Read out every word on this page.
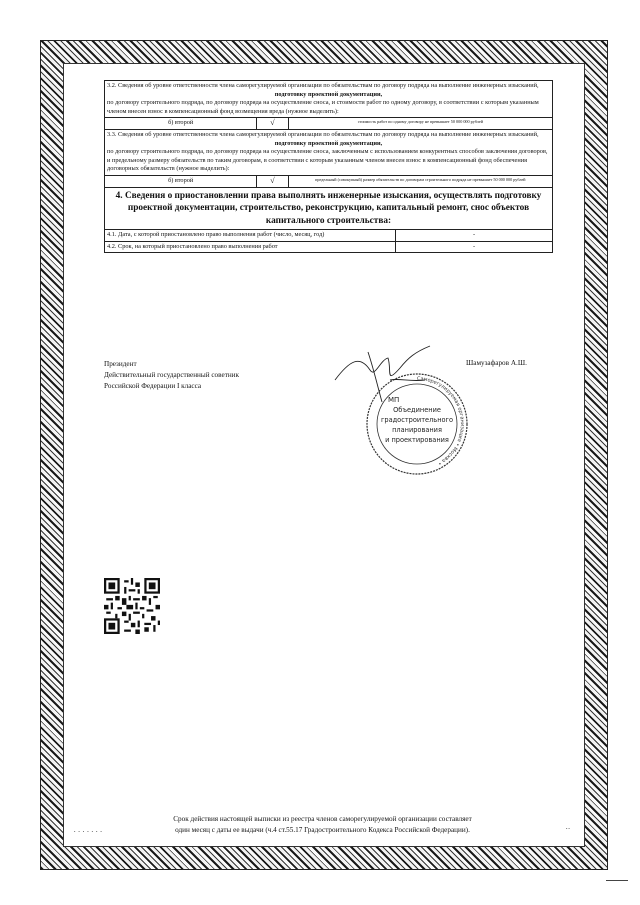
3.2. Сведения об уровне ответственности члена саморегулируемой организации по обязательствам по договору подряда на выполнение инженерных изысканий,
подготовку проектной документации,
по договору строительного подряда, по договору подряда на осуществление сноса, и стоимости работ по одному договору, в соответствии с которым указанным членом внесен взнос в компенсационный фонд возмещения вреда (нужное выделить):

б) второй	√	стоимость работ по одному договору не превышает 50 000 000 рублей
3.3. Сведения об уровне ответственности члена саморегулируемой организации по обязательствам по договору подряда на выполнение инженерных изысканий,
подготовку проектной документации,
по договору строительного подряда, по договору подряда на осуществление сноса, заключенным с использованием конкурентных способов заключения договоров, и предельному размеру обязательств по таким договорам, в соответствии с которым указанным членом внесен взнос в компенсационный фонд обеспечения договорных обязательств (нужное выделить):

б) второй	√	предельный (совокупный) размер обязательств по договорам строительного подряда не превышает 50 000 000 рублей
4. Сведения о приостановлении права выполнять инженерные изыскания, осуществлять подготовку проектной документации, строительство, реконструкцию, капитальный ремонт, снос объектов капитального строительства:	
4.1. Дата, с которой приостановлено право выполнения работ (число, месяц, год)	-
4.2. Срок, на который приостановлено право выполнения работ	-
Президент
Действительный государственный советник
Российской Федерации I класса
Шамузафаров А.Ш.
Саморегулируемая организация • Москва •
МП
Объединение
градостроительного
планирования
и проектирования
Срок действия настоящей выписки из реестра членов саморегулируемой организации составляет
один месяц с даты ее выдачи (ч.4 ст.55.17 Градостроительного Кодекса Российской Федерации).
• • • • • • •
• •
